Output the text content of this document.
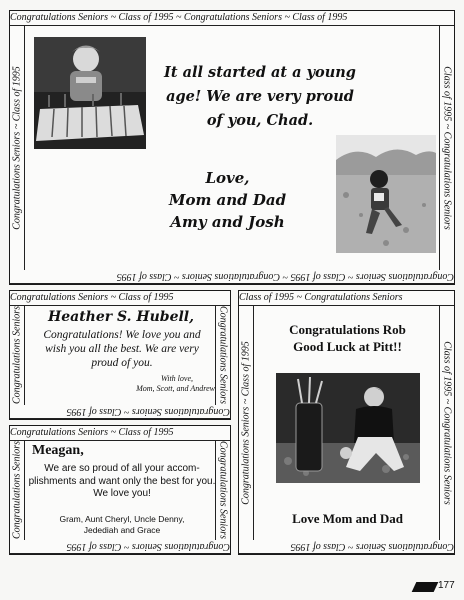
Congratulations Seniors ~ Class of 1995 ~ Congratulations Seniors ~ Class of 1995
Congratulations Seniors ~ Class of 1995 ~ Congratulations Seniors ~ Class of 1995
Congratulations Seniors ~ Class of 1995	Class of 1995 ~ Congratulations Seniors
It all started at a young
age! We are very proud
of you, Chad.
Love,
Mom and Dad
Amy and Josh
Congratulations Seniors ~ Class of 1995
Congratulations Seniors ~ Class of 1995
Congratulations Seniors	Congratulations Seniors
Heather S. Hubell,
Congratulations! We love you and wish you all the best. We are very proud of you.
With love,
Mom, Scott, and Andrew
Congratulations Seniors ~ Class of 1995
Congratulations Seniors ~ Class of 1995
Congratulations Seniors	Congratulations Seniors
Meagan,
We are so proud of all your accom-plishments and want only the best for you. We love you!
Gram, Aunt Cheryl, Uncle Denny,
Jedediah and Grace
Class of 1995 ~ Congratulations Seniors
Congratulations Seniors ~ Class of 1995
Congratulations Seniors ~ Class of 1995	Class of 1995 ~ Congratulations Seniors
Congratulations Rob
Good Luck at Pitt!!
Love Mom and Dad
177
